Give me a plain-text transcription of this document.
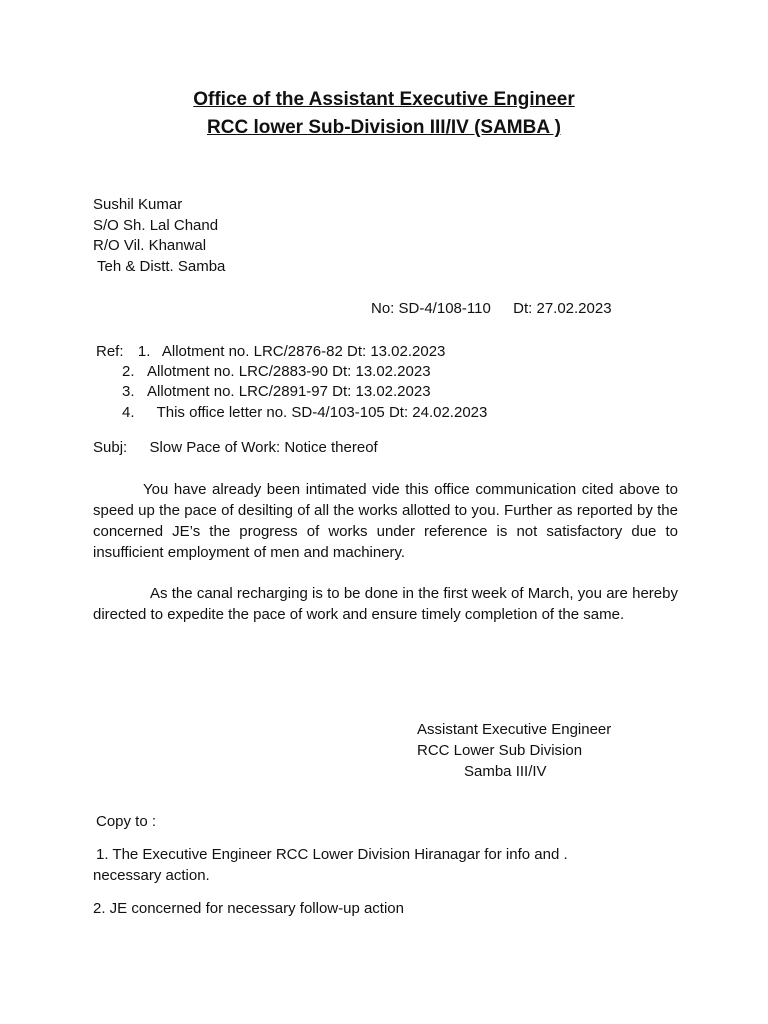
Office of the Assistant Executive Engineer
RCC lower Sub-Division III/IV (SAMBA )
Sushil Kumar
S/O Sh. Lal Chand
R/O Vil. Khanwal
Teh & Distt. Samba
No: SD-4/108-110 Dt: 27.02.2023
Ref: 1. Allotment no. LRC/2876-82 Dt: 13.02.2023
2. Allotment no. LRC/2883-90 Dt: 13.02.2023
3. Allotment no. LRC/2891-97 Dt: 13.02.2023
4. This office letter no. SD-4/103-105 Dt: 24.02.2023
Subj: Slow Pace of Work: Notice thereof
You have already been intimated vide this office communication cited above to speed up the pace of desilting of all the works allotted to you. Further as reported by the concerned JE’s the progress of works under reference is not satisfactory due to insufficient employment of men and machinery.
As the canal recharging is to be done in the first week of March, you are hereby directed to expedite the pace of work and ensure timely completion of the same.
Assistant Executive Engineer
RCC Lower Sub Division
Samba III/IV
Copy to :
1. The Executive Engineer RCC Lower Division Hiranagar for info and .
necessary action.
2. JE concerned for necessary follow-up action
